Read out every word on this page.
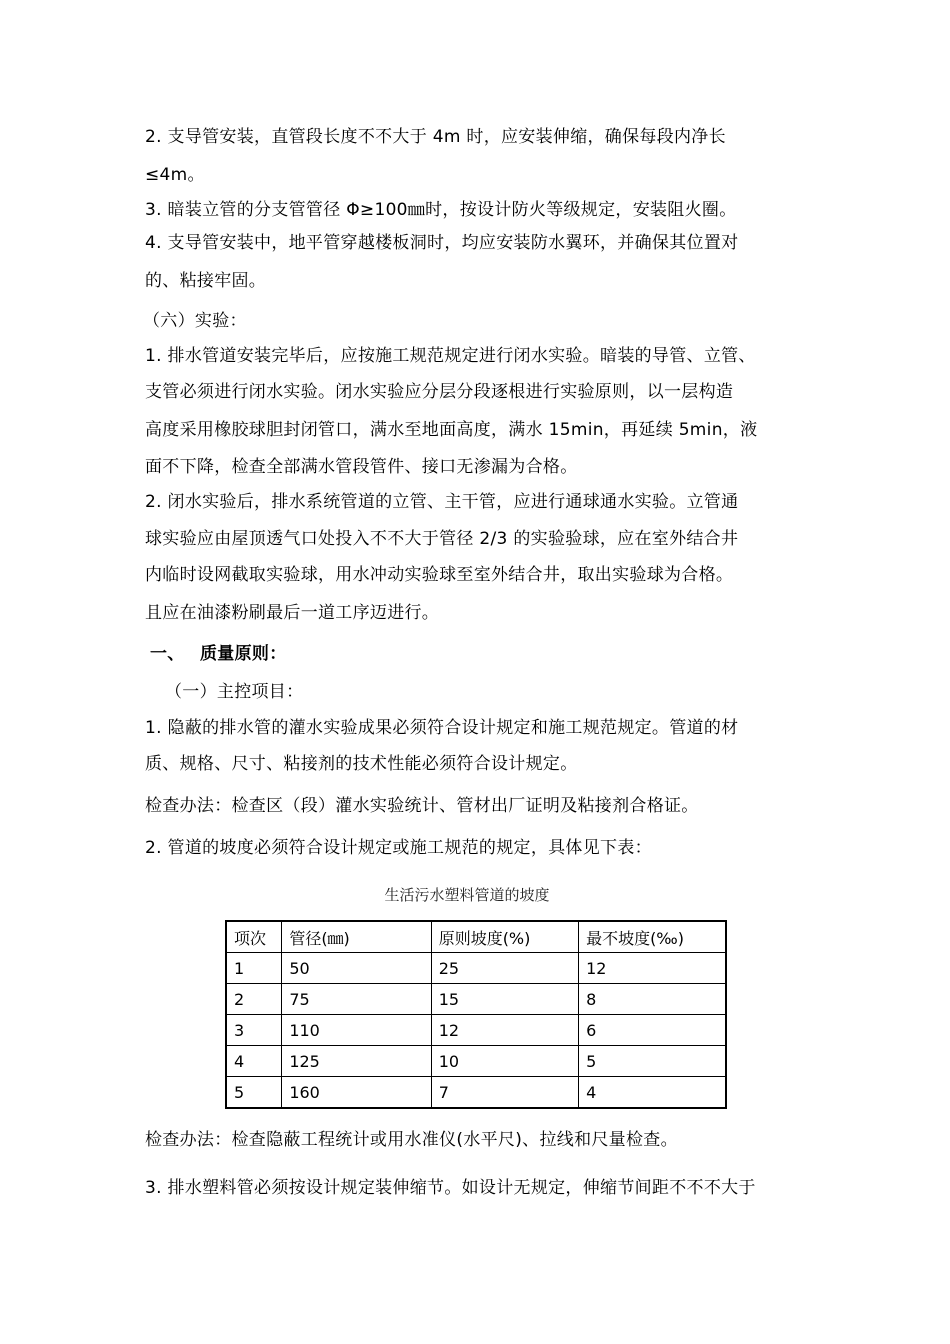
2. 支导管安装，直管段长度不不大于 4m 时，应安装伸缩，确保每段内净长
≤4m。
3. 暗装立管的分支管管径 Φ≥100㎜时，按设计防火等级规定，安装阻火圈。
4. 支导管安装中，地平管穿越楼板洞时，均应安装防水翼环，并确保其位置对
的、粘接牢固。
（六）实验：
1. 排水管道安装完毕后，应按施工规范规定进行闭水实验。暗装的导管、立管、
支管必须进行闭水实验。闭水实验应分层分段逐根进行实验原则，以一层构造
高度采用橡胶球胆封闭管口，满水至地面高度，满水 15min，再延续 5min，液
面不下降，检查全部满水管段管件、接口无渗漏为合格。
2. 闭水实验后，排水系统管道的立管、主干管，应进行通球通水实验。立管通
球实验应由屋顶透气口处投入不不大于管径 2/3 的实验验球，应在室外结合井
内临时设网截取实验球，用水冲动实验球至室外结合井，取出实验球为合格。
且应在油漆粉刷最后一道工序迈进行。
一、 质量原则：
（一）主控项目：
1. 隐蔽的排水管的灌水实验成果必须符合设计规定和施工规范规定。管道的材
质、规格、尺寸、粘接剂的技术性能必须符合设计规定。
检查办法：检查区（段）灌水实验统计、管材出厂证明及粘接剂合格证。
2. 管道的坡度必须符合设计规定或施工规范的规定，具体见下表：
生活污水塑料管道的坡度
项次	管径(㎜)	原则坡度(%)	最不坡度(‰)
1	50	25	12
2	75	15	8
3	110	12	6
4	125	10	5
5	160	7	4
检查办法：检查隐蔽工程统计或用水准仪(水平尺)、拉线和尺量检查。
3. 排水塑料管必须按设计规定装伸缩节。如设计无规定，伸缩节间距不不不大于
